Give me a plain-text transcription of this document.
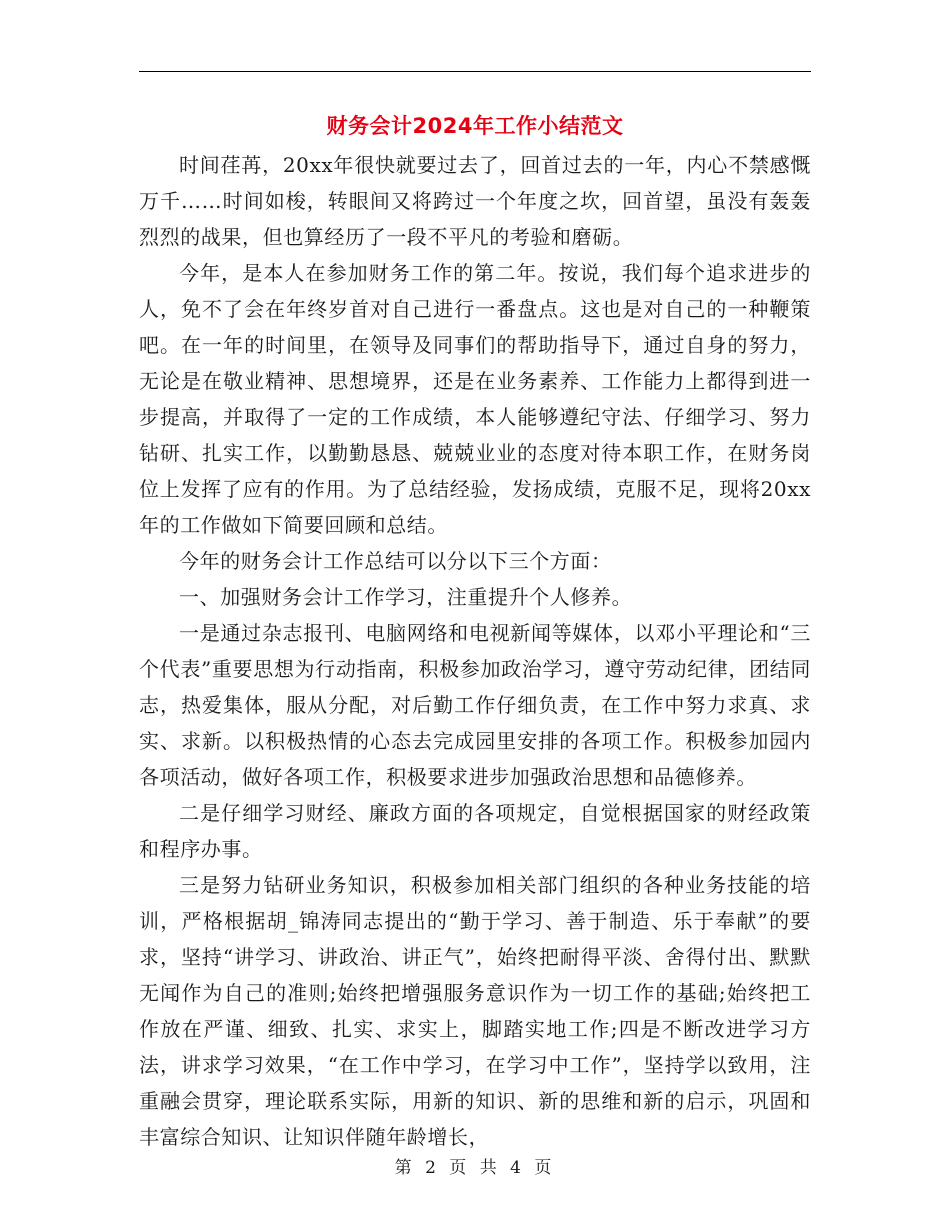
财务会计2024年工作小结范文

时间荏苒，20xx年很快就要过去了，回首过去的一年，内心不禁感慨万千……时间如梭，转眼间又将跨过一个年度之坎，回首望，虽没有轰轰烈烈的战果，但也算经历了一段不平凡的考验和磨砺。

今年，是本人在参加财务工作的第二年。按说，我们每个追求进步的人，免不了会在年终岁首对自己进行一番盘点。这也是对自己的一种鞭策吧。在一年的时间里，在领导及同事们的帮助指导下，通过自身的努力，无论是在敬业精神、思想境界，还是在业务素养、工作能力上都得到进一步提高，并取得了一定的工作成绩，本人能够遵纪守法、仔细学习、努力钻研、扎实工作，以勤勤恳恳、兢兢业业的态度对待本职工作，在财务岗位上发挥了应有的作用。为了总结经验，发扬成绩，克服不足，现将20xx年的工作做如下简要回顾和总结。

今年的财务会计工作总结可以分以下三个方面：

一、加强财务会计工作学习，注重提升个人修养。

一是通过杂志报刊、电脑网络和电视新闻等媒体，以邓小平理论和“三个代表”重要思想为行动指南，积极参加政治学习，遵守劳动纪律，团结同志，热爱集体，服从分配，对后勤工作仔细负责，在工作中努力求真、求实、求新。以积极热情的心态去完成园里安排的各项工作。积极参加园内各项活动，做好各项工作，积极要求进步加强政治思想和品德修养。

二是仔细学习财经、廉政方面的各项规定，自觉根据国家的财经政策和程序办事。

三是努力钻研业务知识，积极参加相关部门组织的各种业务技能的培训，严格根据胡_锦涛同志提出的“勤于学习、善于制造、乐于奉献”的要求，坚持“讲学习、讲政治、讲正气”，始终把耐得平淡、舍得付出、默默无闻作为自己的准则;始终把增强服务意识作为一切工作的基础;始终把工作放在严谨、细致、扎实、求实上，脚踏实地工作;四是不断改进学习方法，讲求学习效果，“在工作中学习，在学习中工作”，坚持学以致用，注重融会贯穿，理论联系实际，用新的知识、新的思维和新的启示，巩固和丰富综合知识、让知识伴随年龄增长，

第 2 页 共 4 页
